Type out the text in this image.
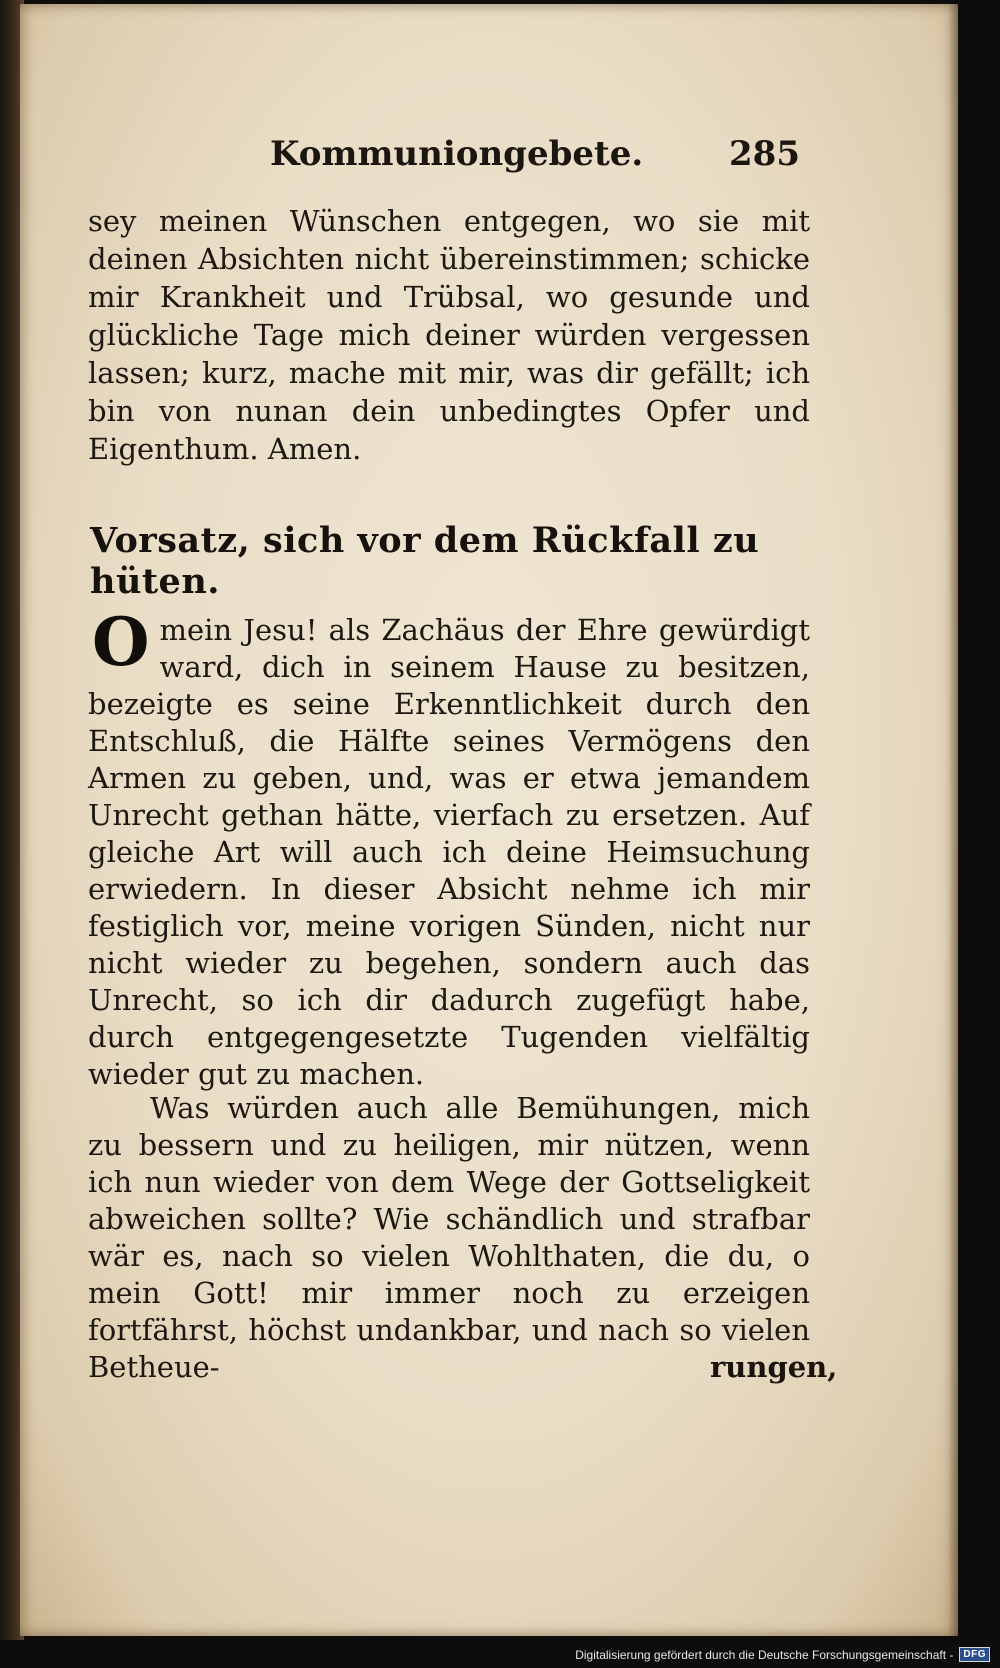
Kommuniongebete.	285
sey meinen Wünschen entgegen, wo sie mit deinen Absichten nicht übereinstimmen; schicke mir Krankheit und Trübsal, wo gesunde und glückliche Tage mich deiner würden vergessen lassen; kurz, mache mit mir, was dir gefällt; ich bin von nunan dein unbedingtes Opfer und Eigenthum. Amen.
Vorsatz, sich vor dem Rückfall zu hüten.
O mein Jesu! als Zachäus der Ehre gewürdigt ward, dich in seinem Hause zu besitzen, bezeigte es seine Erkenntlichkeit durch den Entschluß, die Hälfte seines Vermögens den Armen zu geben, und, was er etwa jemandem Unrecht gethan hätte, vierfach zu ersetzen. Auf gleiche Art will auch ich deine Heimsuchung erwiedern. In dieser Absicht nehme ich mir festiglich vor, meine vorigen Sünden, nicht nur nicht wieder zu begehen, sondern auch das Unrecht, so ich dir dadurch zugefügt habe, durch entgegengesetzte Tugenden vielfältig wieder gut zu machen.
Was würden auch alle Bemühungen, mich zu bessern und zu heiligen, mir nützen, wenn ich nun wieder von dem Wege der Gottseligkeit abweichen sollte? Wie schändlich und strafbar wär es, nach so vielen Wohlthaten, die du, o mein Gott! mir immer noch zu erzeigen fortfährst, höchst undankbar, und nach so vielen Betheue-	rungen,
Digitalisierung gefördert durch die Deutsche Forschungsgemeinschaft -	DFG
